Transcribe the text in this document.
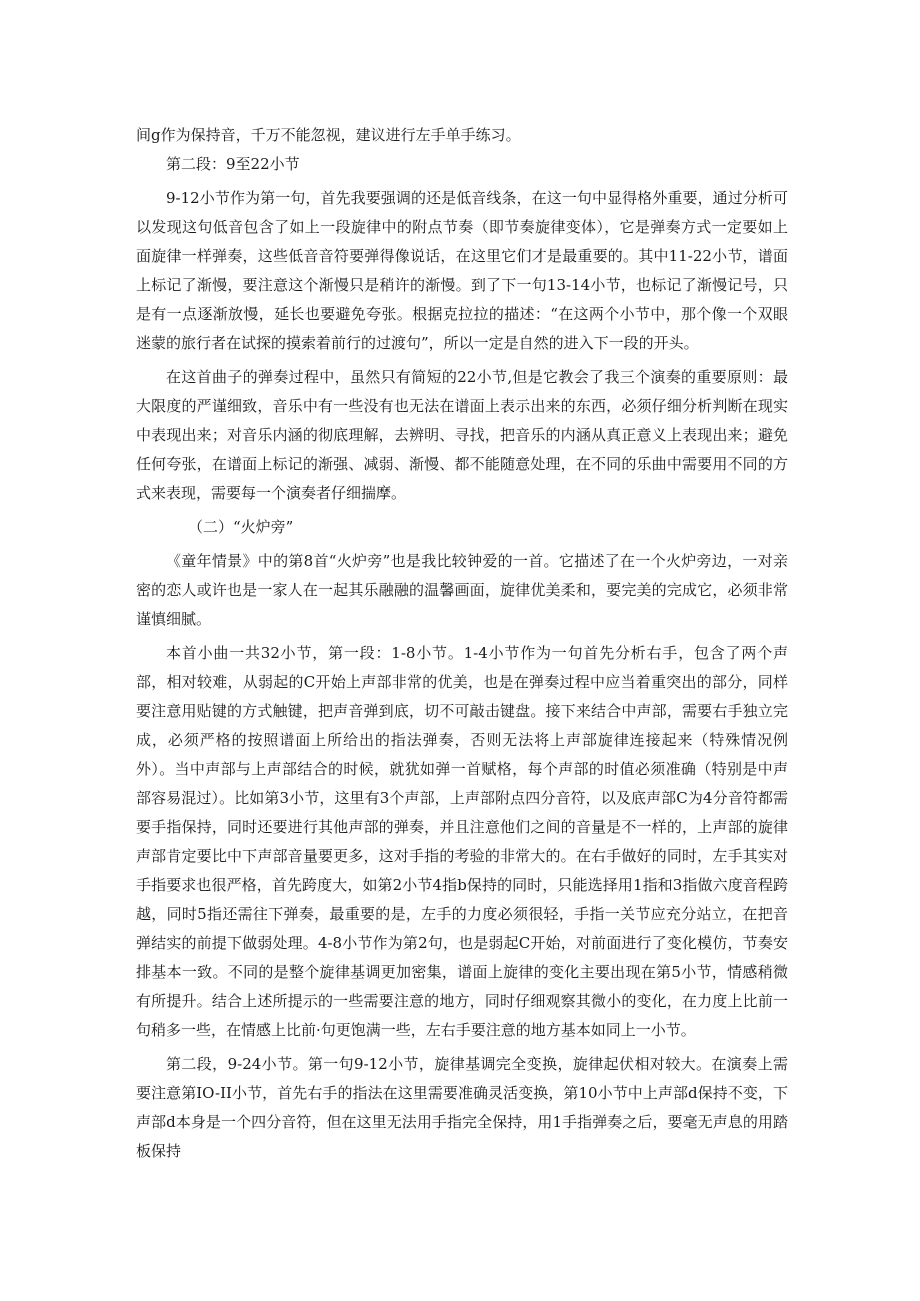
间g作为保持音，千万不能忽视，建议进行左手单手练习。

第二段：9至22小节

9-12小节作为第一句，首先我要强调的还是低音线条，在这一句中显得格外重要，通过分析可以发现这句低音包含了如上一段旋律中的附点节奏（即节奏旋律变体），它是弹奏方式一定要如上面旋律一样弹奏，这些低音音符要弹得像说话，在这里它们才是最重要的。其中11-22小节，谱面上标记了渐慢，要注意这个渐慢只是稍许的渐慢。到了下一句13-14小节，也标记了渐慢记号，只是有一点逐渐放慢，延长也要避免夸张。根据克拉拉的描述：“在这两个小节中，那个像一个双眼迷蒙的旅行者在试探的摸索着前行的过渡句”，所以一定是自然的进入下一段的开头。

在这首曲子的弹奏过程中，虽然只有简短的22小节,但是它教会了我三个演奏的重要原则：最大限度的严谨细致，音乐中有一些没有也无法在谱面上表示出来的东西，必须仔细分析判断在现实中表现出来；对音乐内涵的彻底理解，去辨明、寻找，把音乐的内涵从真正意义上表现出来；避免任何夸张，在谱面上标记的渐强、减弱、渐慢、都不能随意处理，在不同的乐曲中需要用不同的方式来表现，需要每一个演奏者仔细揣摩。

（二）“火炉旁”

《童年情景》中的第8首“火炉旁”也是我比较钟爱的一首。它描述了在一个火炉旁边，一对亲密的恋人或许也是一家人在一起其乐融融的温馨画面，旋律优美柔和，要完美的完成它，必须非常谨慎细腻。

本首小曲一共32小节，第一段：1-8小节。1-4小节作为一句首先分析右手，包含了两个声部，相对较难，从弱起的C开始上声部非常的优美，也是在弹奏过程中应当着重突出的部分，同样要注意用贴键的方式触键，把声音弹到底，切不可敲击键盘。接下来结合中声部，需要右手独立完成，必须严格的按照谱面上所给出的指法弹奏，否则无法将上声部旋律连接起来（特殊情况例外）。当中声部与上声部结合的时候，就犹如弹一首赋格，每个声部的时值必须准确（特别是中声部容易混过）。比如第3小节，这里有3个声部，上声部附点四分音符，以及底声部C为4分音符都需要手指保持，同时还要进行其他声部的弹奏，并且注意他们之间的音量是不一样的，上声部的旋律声部肯定要比中下声部音量要更多，这对手指的考验的非常大的。在右手做好的同时，左手其实对手指要求也很严格，首先跨度大，如第2小节4指b保持的同时，只能选择用1指和3指做六度音程跨越，同时5指还需往下弹奏，最重要的是，左手的力度必须很轻，手指一关节应充分站立，在把音弹结实的前提下做弱处理。4-8小节作为第2句，也是弱起C开始，对前面进行了变化模仿，节奏安排基本一致。不同的是整个旋律基调更加密集，谱面上旋律的变化主要出现在第5小节，情感稍微有所提升。结合上述所提示的一些需要注意的地方，同时仔细观察其微小的变化，在力度上比前一句稍多一些，在情感上比前·句更饱满一些，左右手要注意的地方基本如同上一小节。

第二段，9-24小节。第一句9-12小节，旋律基调完全变换，旋律起伏相对较大。在演奏上需要注意第IO-II小节，首先右手的指法在这里需要准确灵活变换，第10小节中上声部d保持不变，下声部d本身是一个四分音符，但在这里无法用手指完全保持，用1手指弹奏之后，要毫无声息的用踏板保持
